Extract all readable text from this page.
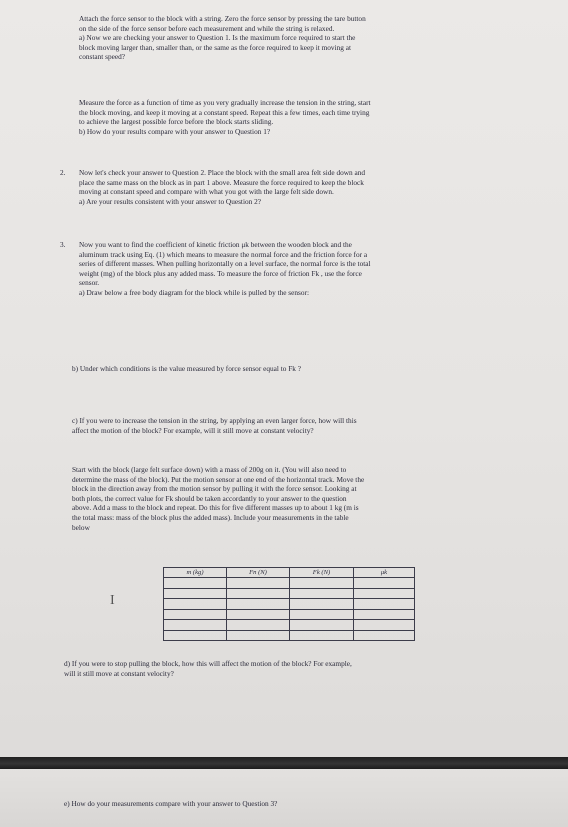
Attach the force sensor to the block with a string. Zero the force sensor by pressing the tare button
on the side of the force sensor before each measurement and while the string is relaxed.
a) Now we are checking your answer to Question 1. Is the maximum force required to start the
block moving larger than, smaller than, or the same as the force required to keep it moving at
constant speed?
Measure the force as a function of time as you very gradually increase the tension in the string, start
the block moving, and keep it moving at a constant speed. Repeat this a few times, each time trying
to achieve the largest possible force before the block starts sliding.
b) How do your results compare with your answer to Question 1?
2. Now let's check your answer to Question 2. Place the block with the small area felt side down and
place the same mass on the block as in part 1 above. Measure the force required to keep the block
moving at constant speed and compare with what you got with the large felt side down.
a) Are your results consistent with your answer to Question 2?
3. Now you want to find the coefficient of kinetic friction μk between the wooden block and the
aluminum track using Eq. (1) which means to measure the normal force and the friction force for a
series of different masses. When pulling horizontally on a level surface, the normal force is the total
weight (mg) of the block plus any added mass. To measure the force of friction Fk , use the force
sensor.
a) Draw below a free body diagram for the block while is pulled by the sensor:
b) Under which conditions is the value measured by force sensor equal to Fk ?
c) If you were to increase the tension in the string, by applying an even larger force, how will this
affect the motion of the block? For example, will it still move at constant velocity?
Start with the block (large felt surface down) with a mass of 200g on it. (You will also need to
determine the mass of the block). Put the motion sensor at one end of the horizontal track. Move the
block in the direction away from the motion sensor by pulling it with the force sensor. Looking at
both plots, the correct value for Fk should be taken accordantly to your answer to the question
above. Add a mass to the block and repeat. Do this for five different masses up to about 1 kg (m is
the total mass: mass of the block plus the added mass). Include your measurements in the table
below
I
m (kg)	Fn (N)	Fk (N)	μk

d) If you were to stop pulling the block, how this will affect the motion of the block? For example,
will it still move at constant velocity?
e) How do your measurements compare with your answer to Question 3?
